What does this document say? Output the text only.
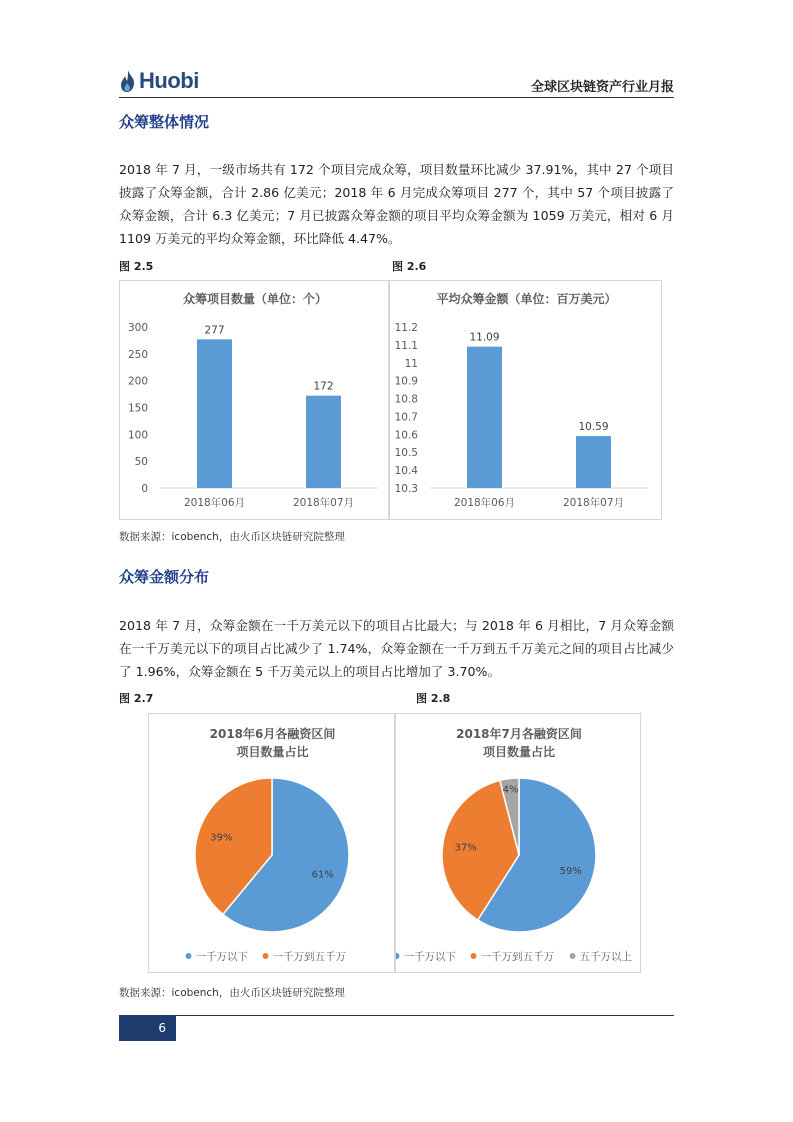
Huobi	全球区块链资产行业月报
众筹整体情况
2018 年 7 月，一级市场共有 172 个项目完成众筹，项目数量环比减少 37.91%，其中 27 个项目披露了众筹金额，合计 2.86 亿美元；2018 年 6 月完成众筹项目 277 个，其中 57 个项目披露了众筹金额，合计 6.3 亿美元；7 月已披露众筹金额的项目平均众筹金额为 1059 万美元，相对 6 月 1109 万美元的平均众筹金额，环比降低 4.47%。
图 2.5	图 2.6
众筹项目数量（单位：个）
0
50
100
150
200
250
300	277
2018年06月
172
2018年07月
平均众筹金额（单位：百万美元）
10.3
10.4
10.5
10.6
10.7
10.8
10.9
11
11.1
11.2
11.09
2018年06月
10.59
2018年07月
数据来源：icobench，由火币区块链研究院整理
众筹金额分布
2018 年 7 月，众筹金额在一千万美元以下的项目占比最大；与 2018 年 6 月相比，7 月众筹金额在一千万美元以下的项目占比减少了 1.74%，众筹金额在一千万到五千万美元之间的项目占比减少了 1.96%，众筹金额在 5 千万美元以上的项目占比增加了 3.70%。
图 2.7	图 2.8
2018年6月各融资区间
项目数量占比
61%
39%
一千万以下 一千万到五千万
2018年7月各融资区间
项目数量占比
59%
37%
4%
一千万以下 一千万到五千万 五千万以上
数据来源：icobench，由火币区块链研究院整理
6
